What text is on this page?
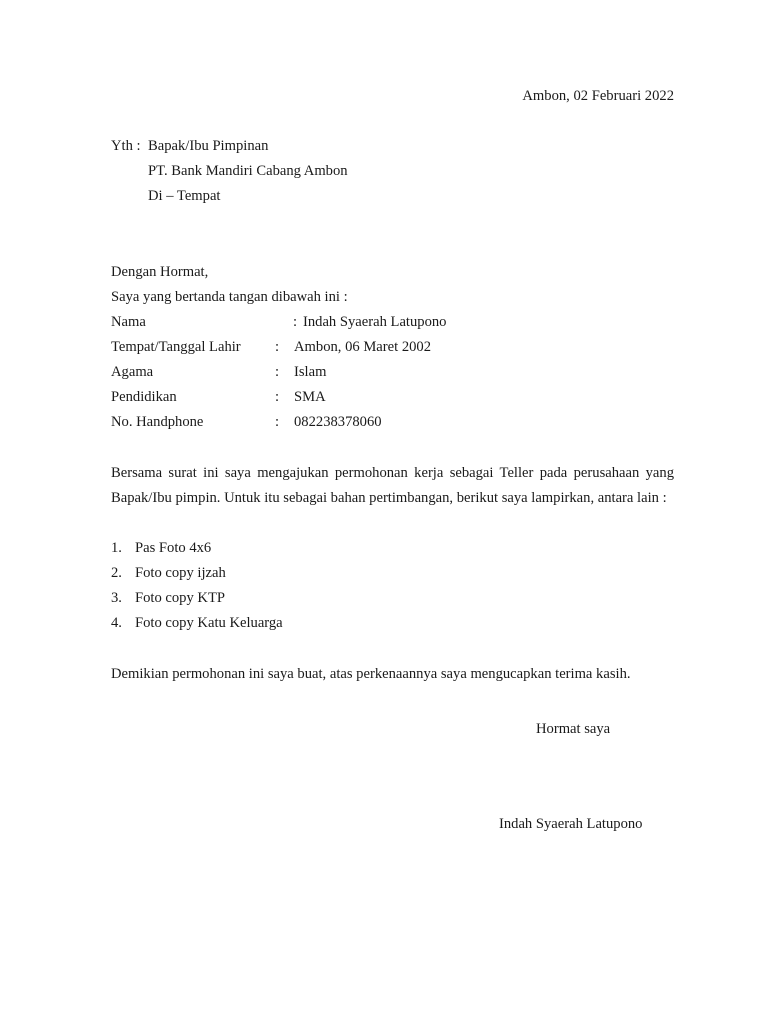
Ambon, 02 Februari 2022
Yth : Bapak/Ibu Pimpinan
PT. Bank Mandiri Cabang Ambon
Di – Tempat
Dengan Hormat,
Saya yang bertanda tangan dibawah ini :
Nama	: Indah Syaerah Latupono
Tempat/Tanggal Lahir : Ambon, 06 Maret 2002
Agama	: Islam
Pendidikan	: SMA
No. Handphone	: 082238378060
Bersama surat ini saya mengajukan permohonan kerja sebagai Teller pada perusahaan yang Bapak/Ibu pimpin. Untuk itu sebagai bahan pertimbangan, berikut saya lampirkan, antara lain :
1. Pas Foto 4x6
2. Foto copy ijzah
3. Foto copy KTP
4. Foto copy Katu Keluarga
Demikian permohonan ini saya buat, atas perkenaannya saya mengucapkan terima kasih.
Hormat saya
Indah Syaerah Latupono
